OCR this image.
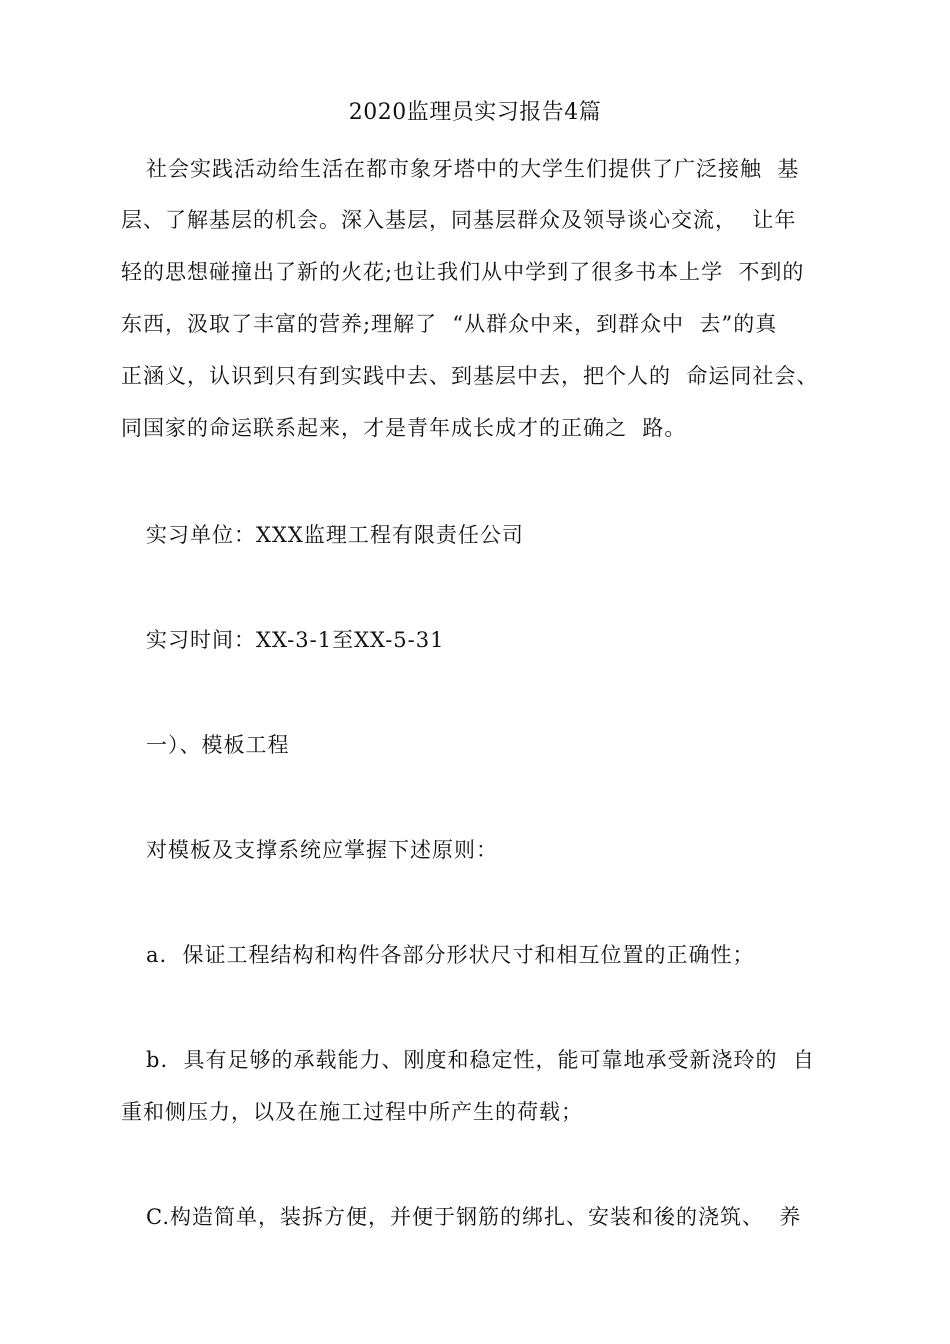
2020监理员实习报告4篇
社会实践活动给生活在都市象牙塔中的大学生们提供了广泛接触  基
层、了解基层的机会。深入基层，同基层群众及领导谈心交流，  让年
轻的思想碰撞出了新的火花;也让我们从中学到了很多书本上学  不到的
东西，汲取了丰富的营养;理解了  “从群众中来，到群众中  去”的真
正涵义，认识到只有到实践中去、到基层中去，把个人的  命运同社会、
同国家的命运联系起来，才是青年成长成才的正确之  路。
实习单位：XXX监理工程有限责任公司
实习时间：XX-3-1至XX-5-31
一）、模板工程
对模板及支撑系统应掌握下述原则：
a.  保证工程结构和构件各部分形状尺寸和相互位置的正确性；
b.  具有足够的承载能力、刚度和稳定性，能可靠地承受新浇玲的  自
重和侧压力，以及在施工过程中所产生的荷载；
C.构造简单，装拆方便，并便于钢筋的绑扎、安装和後的浇筑、  养
